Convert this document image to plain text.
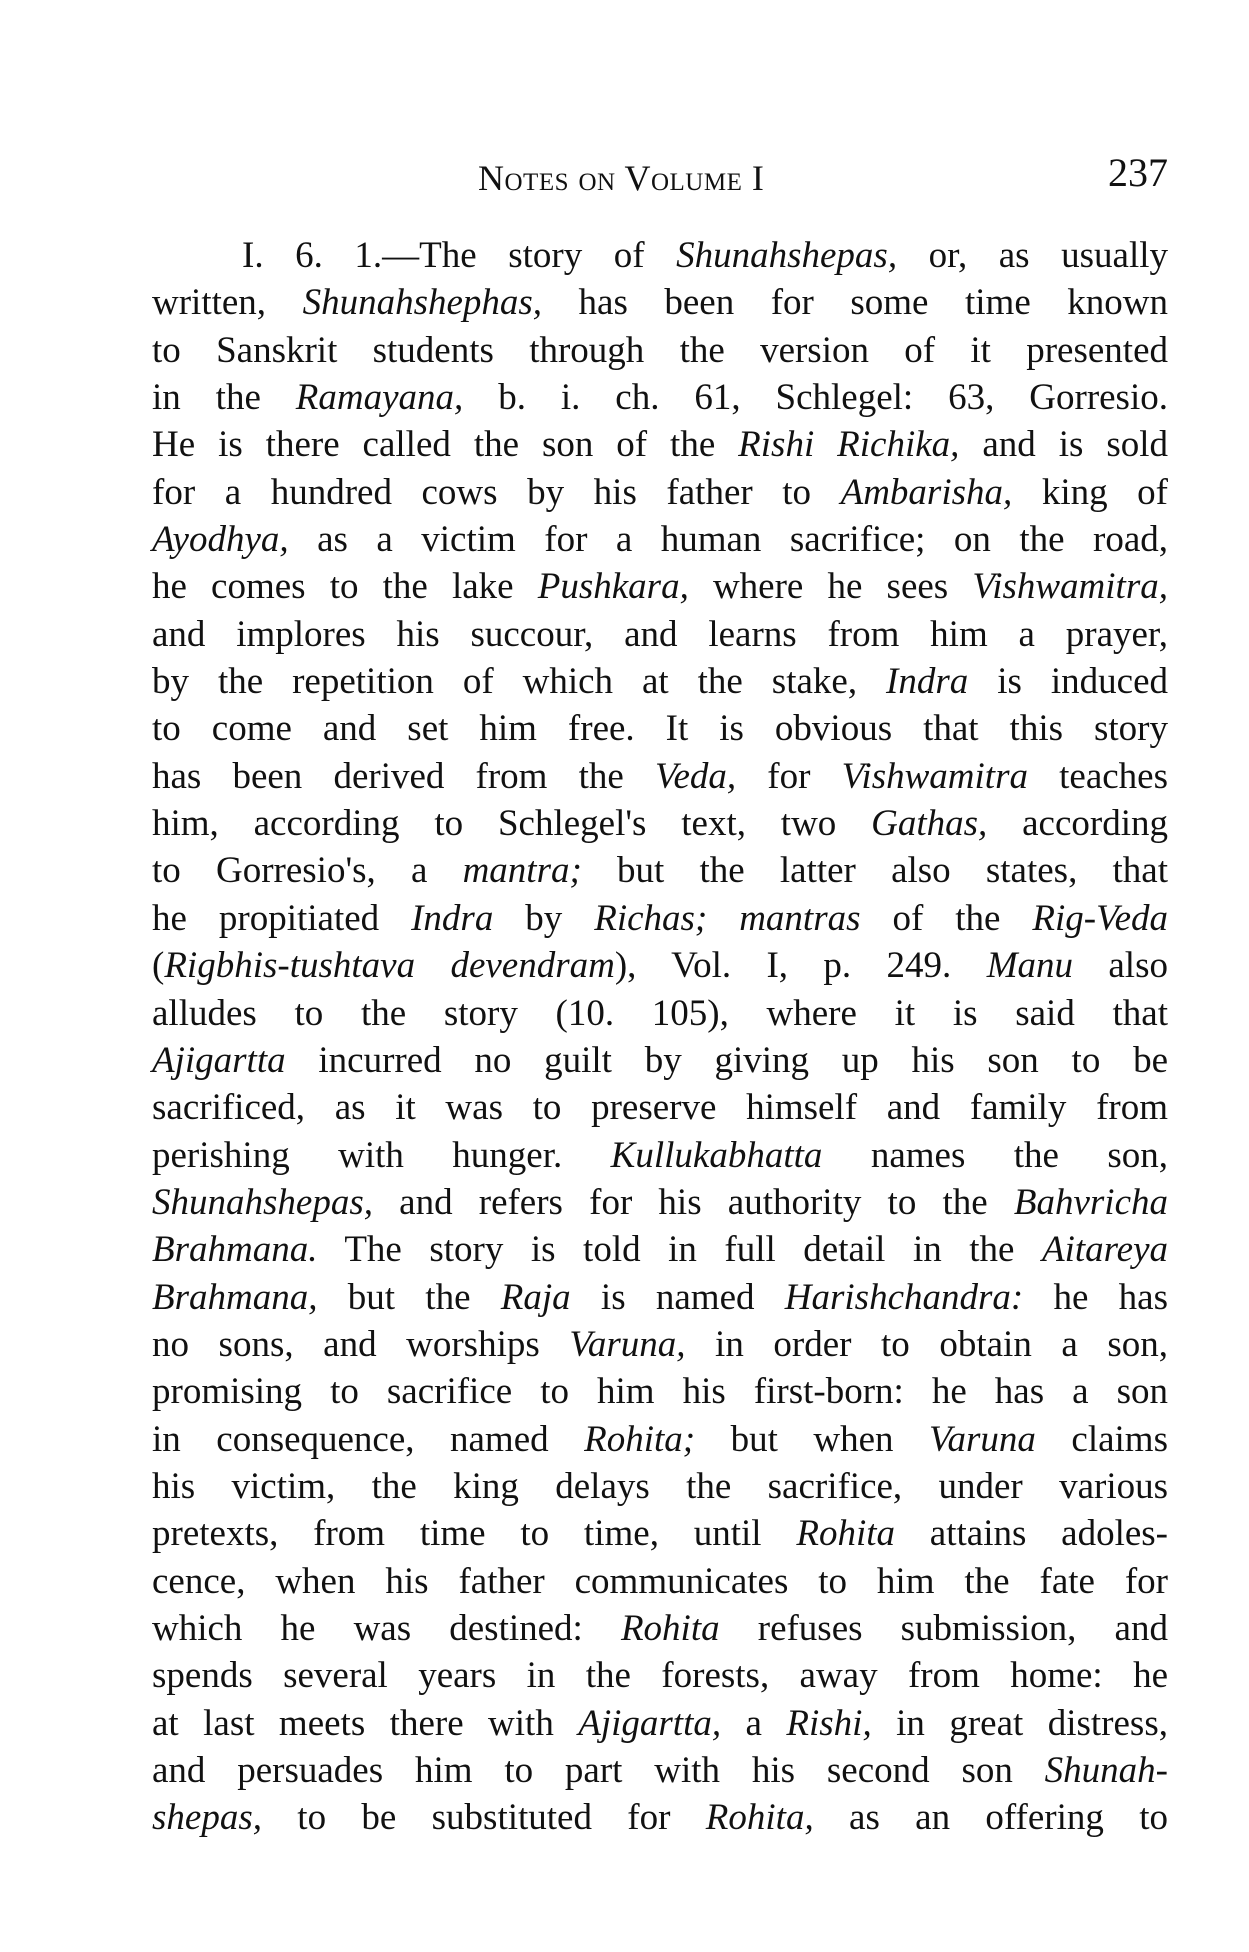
Notes on Volume I	237
I. 6. 1.—The story of Shunahshepas, or, as usually
written, Shunahshephas, has been for some time known
to Sanskrit students through the version of it presented
in the Ramayana, b. i. ch. 61, Schlegel: 63, Gorresio.
He is there called the son of the Rishi Richika, and is sold
for a hundred cows by his father to Ambarisha, king of
Ayodhya, as a victim for a human sacrifice; on the road,
he comes to the lake Pushkara, where he sees Vishwamitra,
and implores his succour, and learns from him a prayer,
by the repetition of which at the stake, Indra is induced
to come and set him free. It is obvious that this story
has been derived from the Veda, for Vishwamitra teaches
him, according to Schlegel's text, two Gathas, according
to Gorresio's, a mantra; but the latter also states, that
he propitiated Indra by Richas; mantras of the Rig-Veda
(Rigbhis-tushtava devendram), Vol. I, p. 249. Manu also
alludes to the story (10. 105), where it is said that
Ajigartta incurred no guilt by giving up his son to be
sacrificed, as it was to preserve himself and family from
perishing with hunger. Kullukabhatta names the son,
Shunahshepas, and refers for his authority to the Bahvricha
Brahmana. The story is told in full detail in the Aitareya
Brahmana, but the Raja is named Harishchandra: he has
no sons, and worships Varuna, in order to obtain a son,
promising to sacrifice to him his first-born: he has a son
in consequence, named Rohita; but when Varuna claims
his victim, the king delays the sacrifice, under various
pretexts, from time to time, until Rohita attains adoles-
cence, when his father communicates to him the fate for
which he was destined: Rohita refuses submission, and
spends several years in the forests, away from home: he
at last meets there with Ajigartta, a Rishi, in great distress,
and persuades him to part with his second son Shunah-
shepas, to be substituted for Rohita, as an offering to
